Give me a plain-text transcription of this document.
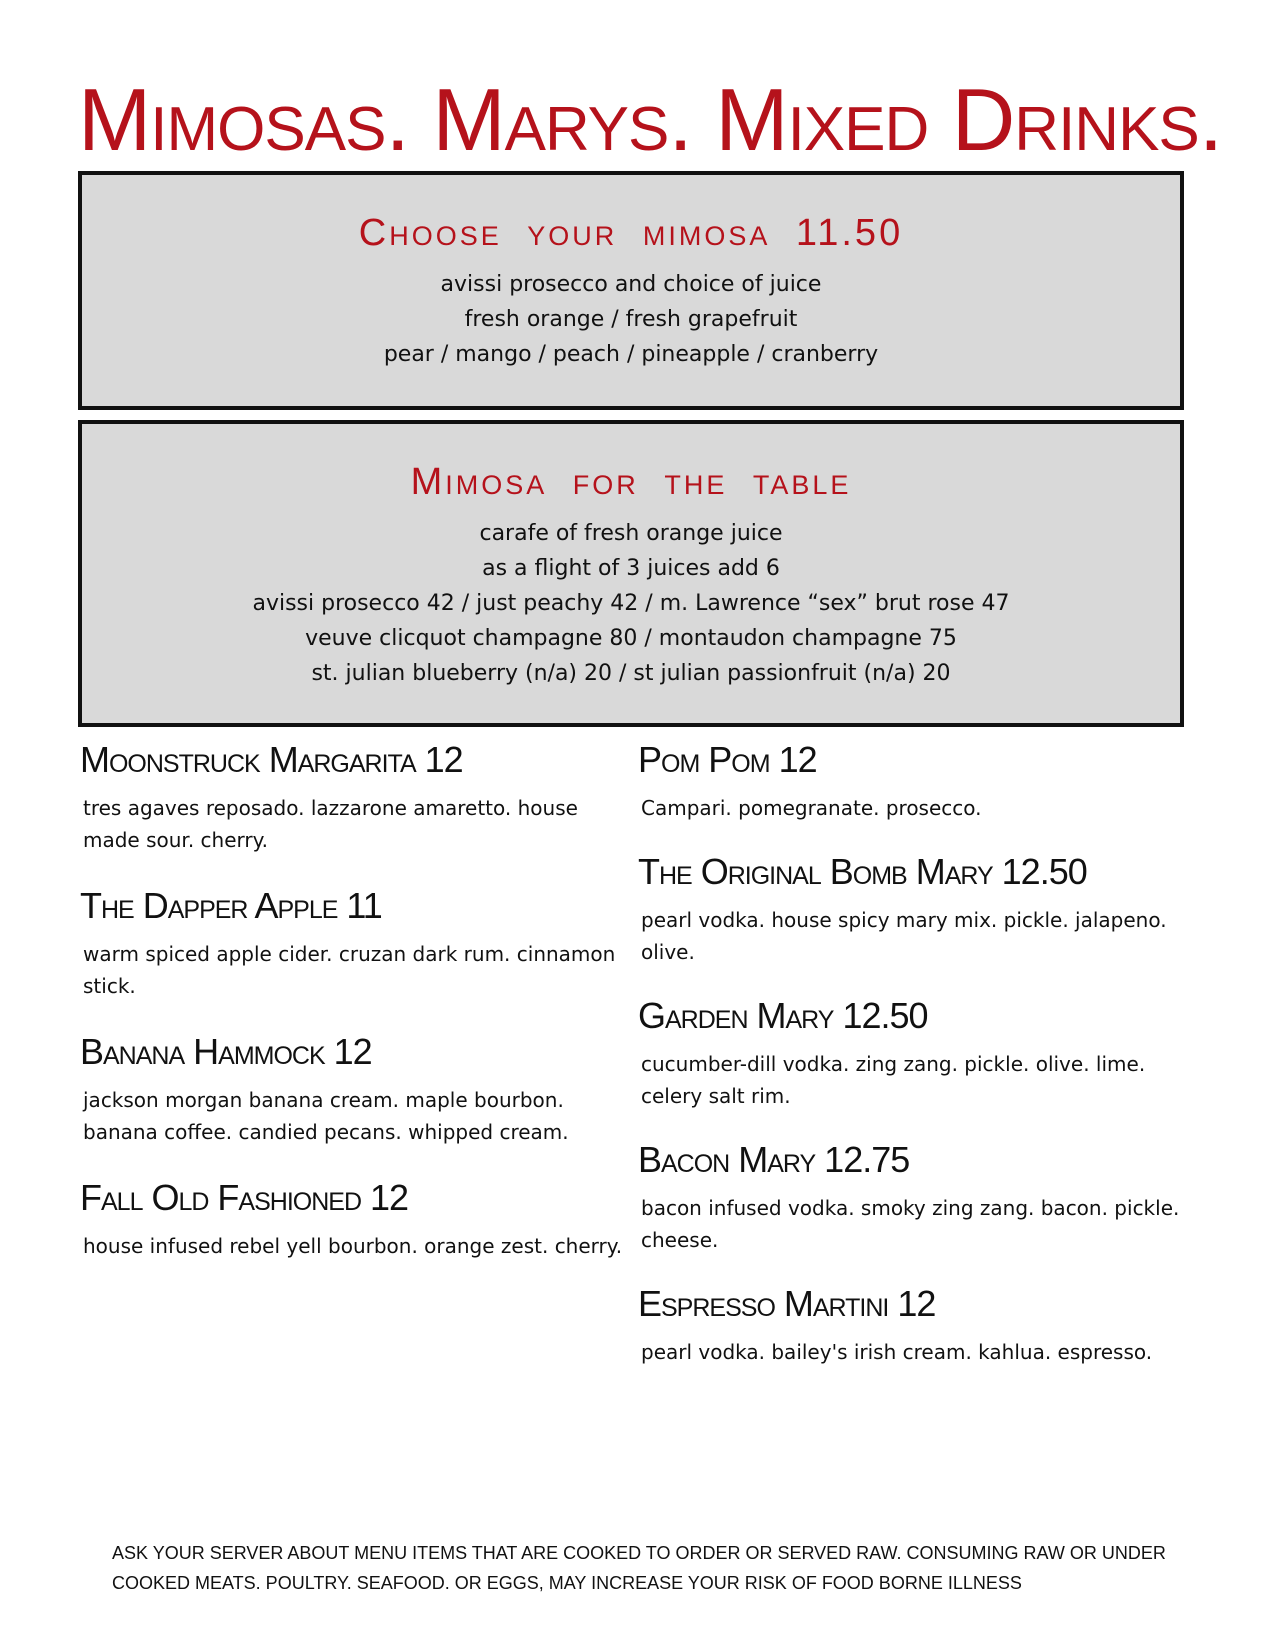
Mimosas. Marys. Mixed Drinks.
Choose your mimosa 11.50
avissi prosecco and choice of juice
fresh orange / fresh grapefruit
pear / mango / peach / pineapple / cranberry
Mimosa for the table
carafe of fresh orange juice
as a flight of 3 juices add 6
avissi prosecco 42 / just peachy 42 / m. Lawrence “sex” brut rose 47
veuve clicquot champagne 80 / montaudon champagne 75
st. julian blueberry (n/a) 20 / st julian passionfruit (n/a) 20
Moonstruck Margarita 12
tres agaves reposado. lazzarone amaretto. house made sour. cherry.
The Dapper Apple 11
warm spiced apple cider. cruzan dark rum. cinnamon stick.
Banana Hammock 12
jackson morgan banana cream. maple bourbon. banana coffee. candied pecans. whipped cream.
Fall Old Fashioned 12
house infused rebel yell bourbon. orange zest. cherry.
Pom Pom 12
Campari. pomegranate. prosecco.
The Original Bomb Mary 12.50
pearl vodka. house spicy mary mix. pickle. jalapeno. olive.
Garden Mary 12.50
cucumber-dill vodka. zing zang. pickle. olive. lime. celery salt rim.
Bacon Mary 12.75
bacon infused vodka. smoky zing zang. bacon. pickle. cheese.
Espresso Martini 12
pearl vodka. bailey's irish cream. kahlua. espresso.
ASK YOUR SERVER ABOUT MENU ITEMS THAT ARE COOKED TO ORDER OR SERVED RAW. CONSUMING RAW OR UNDER COOKED MEATS. POULTRY. SEAFOOD. OR EGGS, MAY INCREASE YOUR RISK OF FOOD BORNE ILLNESS
